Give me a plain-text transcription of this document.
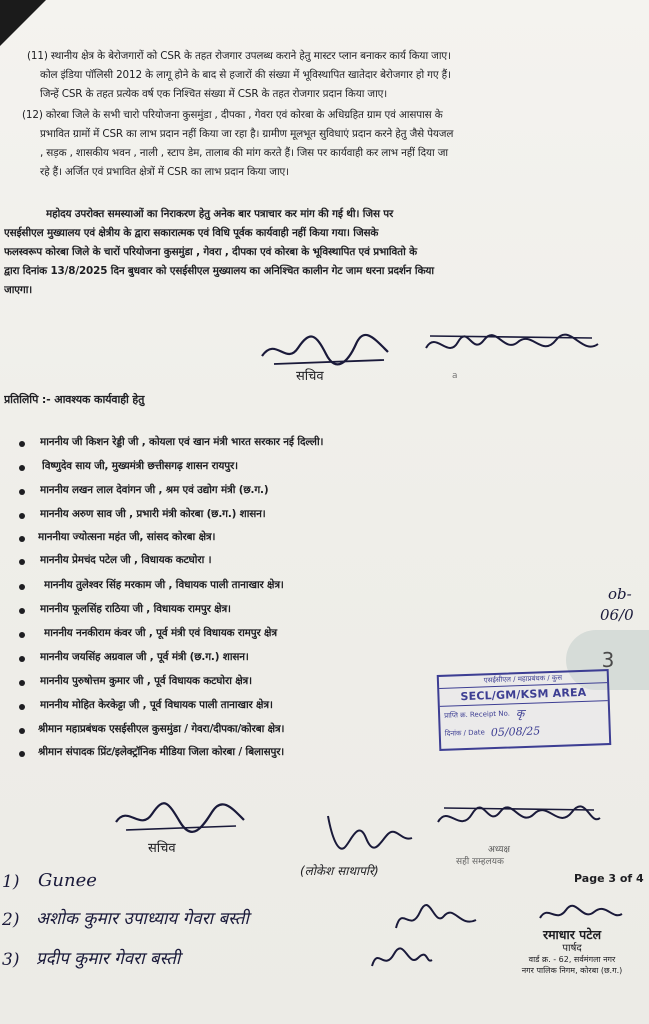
(11) स्थानीय क्षेत्र के बेरोजगारों को CSR के तहत रोजगार उपलब्ध कराने हेतु मास्टर प्लान बनाकर कार्य किया जाए।
कोल इंडिया पॉलिसी 2012 के लागू होने के बाद से हजारों की संख्या में भूविस्थापित खातेदार बेरोजगार हो गए हैं।
जिन्हें CSR के तहत प्रत्येक वर्ष एक निश्चित संख्या में CSR के तहत रोजगार प्रदान किया जाए।
(12) कोरबा जिले के सभी चारो परियोजना कुसमुंडा , दीपका , गेवरा एवं कोरबा के अधिग्रहित ग्राम एवं आसपास के
प्रभावित ग्रामों में CSR का लाभ प्रदान नहीं किया जा रहा है। ग्रामीण मूलभूत सुविधाएं प्रदान करने हेतु जैसे पेयजल
, सड़क , शासकीय भवन , नाली , स्टाप डेम, तालाब की मांग करते हैं। जिस पर कार्यवाही कर लाभ नहीं दिया जा
रहे हैं। अर्जित एवं प्रभावित क्षेत्रों में CSR का लाभ प्रदान किया जाए।
महोदय उपरोक्त समस्याओं का निराकरण हेतु अनेक बार पत्राचार कर मांग की गई थी। जिस पर
एसईसीएल मुख्यालय एवं क्षेत्रीय के द्वारा सकारात्मक एवं विधि पूर्वक कार्यवाही नहीं किया गया। जिसके
फलस्वरूप कोरबा जिले के चारों परियोजना कुसमुंडा , गेवरा , दीपका एवं कोरबा के भूविस्थापित एवं प्रभावितो के
द्वारा दिनांक 13/8/2025 दिन बुधवार को एसईसीएल मुख्यालय का अनिश्चित कालीन गेट जाम धरना प्रदर्शन किया
जाएगा।
सचिव	a
प्रतिलिपि :- आवश्यक कार्यवाही हेतु
माननीय जी किशन रेड्डी जी , कोयला एवं खान मंत्री भारत सरकार नई दिल्ली।
विष्णुदेव साय जी, मुख्यमंत्री छत्तीसगढ़ शासन रायपुर।
माननीय लखन लाल देवांगन जी , श्रम एवं उद्योग मंत्री (छ.ग.)
माननीय अरुण साव जी , प्रभारी मंत्री कोरबा (छ.ग.) शासन।
माननीया ज्योत्सना महंत जी, सांसद कोरबा क्षेत्र।
माननीय प्रेमचंद पटेल जी , विधायक कटघोरा ।
माननीय तुलेश्वर सिंह मरकाम जी , विधायक पाली तानाखार क्षेत्र।
माननीय फूलसिंह राठिया जी , विधायक रामपुर क्षेत्र।
माननीय ननकीराम कंवर जी , पूर्व मंत्री एवं विधायक रामपुर क्षेत्र
माननीय जयसिंह अग्रवाल जी , पूर्व मंत्री (छ.ग.) शासन।
माननीय पुरुषोत्तम कुमार जी , पूर्व विधायक कटघोरा क्षेत्र।
माननीय मोहित केरकेट्टा जी , पूर्व विधायक पाली तानाखार क्षेत्र।
श्रीमान महाप्रबंधक एसईसीएल कुसमुंडा / गेवरा/दीपका/कोरबा क्षेत्र।
श्रीमान संपादक प्रिंट/इलेक्ट्रॉनिक मीडिया जिला कोरबा / बिलासपुर।
ob-
06/0
3
एसईसीएल / महाप्रबंधक / कुस
SECL/GM/KSM AREA
प्राप्ति क्र. Receipt No. कृ
दिनांक / Date 05/08/25
सचिव
(लोकेश साथापरि)
अध्यक्ष
सही सम्हलयक
Page 3 of 4
1) Gunee
2) अशोक कुमार उपाध्याय गेवरा बस्ती
3) प्रदीप कुमार गेवरा बस्ती
रमाधार पटेल
पार्षद
वार्ड क्र. - 62, सर्वमंगला नगर
नगर पालिक निगम, कोरबा (छ.ग.)
